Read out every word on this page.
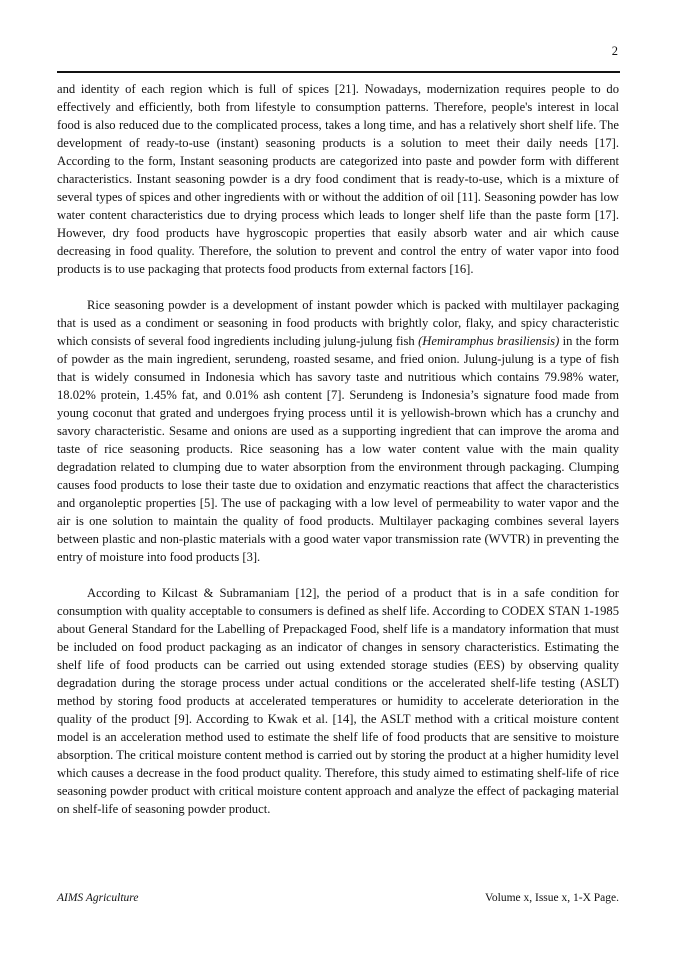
2

and identity of each region which is full of spices [21]. Nowadays, modernization requires people to do effectively and efficiently, both from lifestyle to consumption patterns. Therefore, people's interest in local food is also reduced due to the complicated process, takes a long time, and has a relatively short shelf life. The development of ready-to-use (instant) seasoning products is a solution to meet their daily needs [17]. According to the form, Instant seasoning products are categorized into paste and powder form with different characteristics. Instant seasoning powder is a dry food condiment that is ready-to-use, which is a mixture of several types of spices and other ingredients with or without the addition of oil [11]. Seasoning powder has low water content characteristics due to drying process which leads to longer shelf life than the paste form [17]. However, dry food products have hygroscopic properties that easily absorb water and air which cause decreasing in food quality. Therefore, the solution to prevent and control the entry of water vapor into food products is to use packaging that protects food products from external factors [16].

Rice seasoning powder is a development of instant powder which is packed with multilayer packaging that is used as a condiment or seasoning in food products with brightly color, flaky, and spicy characteristic which consists of several food ingredients including julung-julung fish (Hemiramphus brasiliensis) in the form of powder as the main ingredient, serundeng, roasted sesame, and fried onion. Julung-julung is a type of fish that is widely consumed in Indonesia which has savory taste and nutritious which contains 79.98% water, 18.02% protein, 1.45% fat, and 0.01% ash content [7]. Serundeng is Indonesia’s signature food made from young coconut that grated and undergoes frying process until it is yellowish-brown which has a crunchy and savory characteristic. Sesame and onions are used as a supporting ingredient that can improve the aroma and taste of rice seasoning products. Rice seasoning has a low water content value with the main quality degradation related to clumping due to water absorption from the environment through packaging. Clumping causes food products to lose their taste due to oxidation and enzymatic reactions that affect the characteristics and organoleptic properties [5]. The use of packaging with a low level of permeability to water vapor and the air is one solution to maintain the quality of food products. Multilayer packaging combines several layers between plastic and non-plastic materials with a good water vapor transmission rate (WVTR) in preventing the entry of moisture into food products [3].

According to Kilcast & Subramaniam [12], the period of a product that is in a safe condition for consumption with quality acceptable to consumers is defined as shelf life. According to CODEX STAN 1-1985 about General Standard for the Labelling of Prepackaged Food, shelf life is a mandatory information that must be included on food product packaging as an indicator of changes in sensory characteristics. Estimating the shelf life of food products can be carried out using extended storage studies (EES) by observing quality degradation during the storage process under actual conditions or the accelerated shelf-life testing (ASLT) method by storing food products at accelerated temperatures or humidity to accelerate deterioration in the quality of the product [9]. According to Kwak et al. [14], the ASLT method with a critical moisture content model is an acceleration method used to estimate the shelf life of food products that are sensitive to moisture absorption. The critical moisture content method is carried out by storing the product at a higher humidity level which causes a decrease in the food product quality. Therefore, this study aimed to estimating shelf-life of rice seasoning powder product with critical moisture content approach and analyze the effect of packaging material on shelf-life of seasoning powder product.

AIMS Agriculture	Volume x, Issue x, 1-X Page.
